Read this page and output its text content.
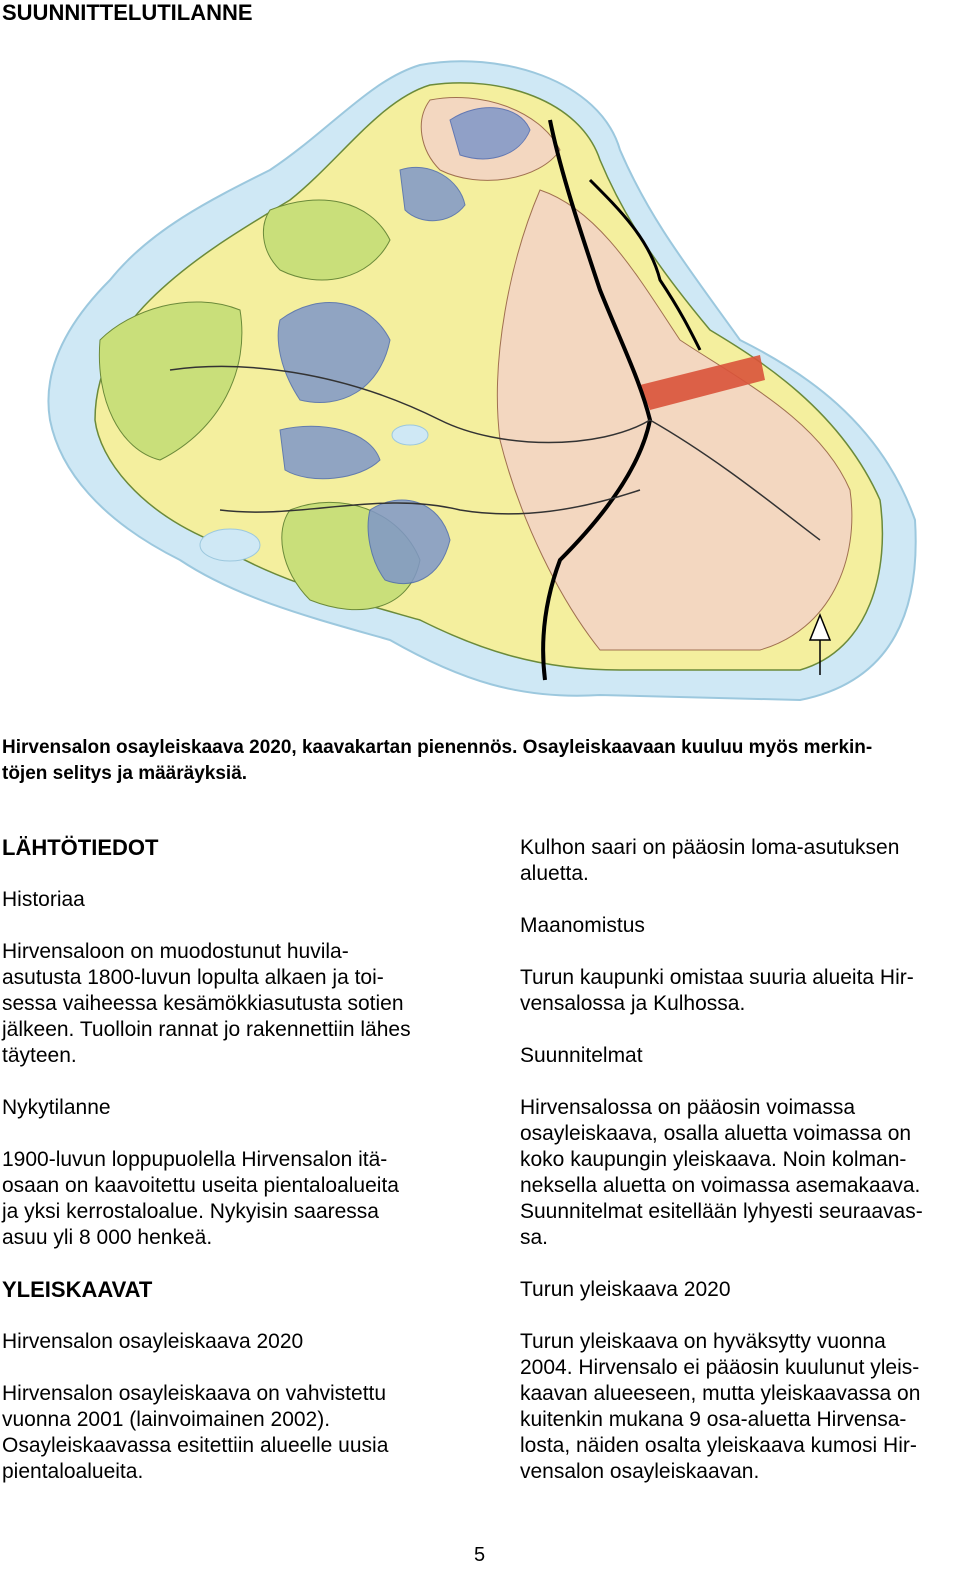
SUUNNITTELUTILANNE
Hirvensalon osayleiskaava 2020, kaavakartan pienennös. Osayleiskaavaan kuuluu myös merkin-
töjen selitys ja määräyksiä.

LÄHTÖTIEDOT

Historiaa

Hirvensaloon on muodostunut huvila-
asutusta 1800-luvun lopulta alkaen ja toi-
sessa vaiheessa kesämökkiasutusta sotien
jälkeen. Tuolloin rannat jo rakennettiin lähes
täyteen.

Nykytilanne

1900-luvun loppupuolella Hirvensalon itä-
osaan on kaavoitettu useita pientaloalueita
ja yksi kerrostaloalue. Nykyisin saaressa
asuu yli 8 000 henkeä.

YLEISKAAVAT

Hirvensalon osayleiskaava 2020

Hirvensalon osayleiskaava on vahvistettu
vuonna 2001 (lainvoimainen 2002).
Osayleiskaavassa esitettiin alueelle uusia
pientaloalueita.

Kulhon saari on pääosin loma-asutuksen
aluetta.

Maanomistus

Turun kaupunki omistaa suuria alueita Hir-
vensalossa ja Kulhossa.

Suunnitelmat

Hirvensalossa on pääosin voimassa
osayleiskaava, osalla aluetta voimassa on
koko kaupungin yleiskaava. Noin kolman-
neksella aluetta on voimassa asemakaava.
Suunnitelmat esitellään lyhyesti seuraavas-
sa.

Turun yleiskaava 2020

Turun yleiskaava on hyväksytty vuonna
2004. Hirvensalo ei pääosin kuulunut yleis-
kaavan alueeseen, mutta yleiskaavassa on
kuitenkin mukana 9 osa-aluetta Hirvensa-
losta, näiden osalta yleiskaava kumosi Hir-
vensalon osayleiskaavan.

5
